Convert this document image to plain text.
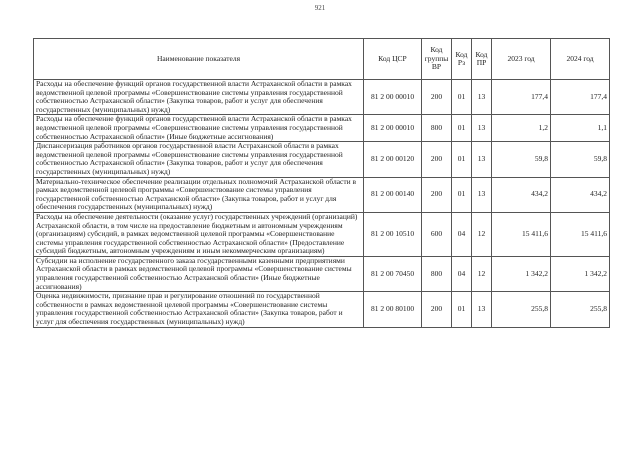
921
Наименование показателя	Код ЦСР	Код группы ВР	Код Рз	Код ПР	2023 год	2024 год
Расходы на обеспечение функций органов государственной власти Астраханской области в рамках ведомственной целевой программы «Совершенствование системы управления государственной собственностью Астраханской области» (Закупка товаров, работ и услуг для обеспечения государственных (муниципальных) нужд)	81 2 00 00010	200	01	13	177,4	177,4
Расходы на обеспечение функций органов государственной власти Астраханской области в рамках ведомственной целевой программы «Совершенствование системы управления государственной собственностью Астраханской области» (Иные бюджетные ассигнования)	81 2 00 00010	800	01	13	1,2	1,1
Диспансеризация работников органов государственной власти Астраханской области в рамках ведомственной целевой программы «Совершенствование системы управления государственной собственностью Астраханской области» (Закупка товаров, работ и услуг для обеспечения государственных (муниципальных) нужд)	81 2 00 00120	200	01	13	59,8	59,8
Материально-техническое обеспечение реализации отдельных полномочий Астраханской области в рамках ведомственной целевой программы «Совершенствование системы управления государственной собственностью Астраханской области» (Закупка товаров, работ и услуг для обеспечения государственных (муниципальных) нужд)	81 2 00 00140	200	01	13	434,2	434,2
Расходы на обеспечение деятельности (оказание услуг) государственных учреждений (организаций) Астраханской области, в том числе на предоставление бюджетным и автономным учреждениям (организациям) субсидий, в рамках ведомственной целевой программы «Совершенствование системы управления государственной собственностью Астраханской области» (Предоставление субсидий бюджетным, автономным учреждениям и иным некоммерческим организациям)	81 2 00 10510	600	04	12	15 411,6	15 411,6
Субсидии на исполнение государственного заказа государственными казенными предприятиями Астраханской области в рамках ведомственной целевой программы «Совершенствование системы управления государственной собственностью Астраханской области» (Иные бюджетные ассигнования)	81 2 00 70450	800	04	12	1 342,2	1 342,2
Оценка недвижимости, признание прав и регулирование отношений по государственной собственности в рамках ведомственной целевой программы «Совершенствование системы управления государственной собственностью Астраханской области» (Закупка товаров, работ и услуг для обеспечения государственных (муниципальных) нужд)	81 2 00 80100	200	01	13	255,8	255,8
